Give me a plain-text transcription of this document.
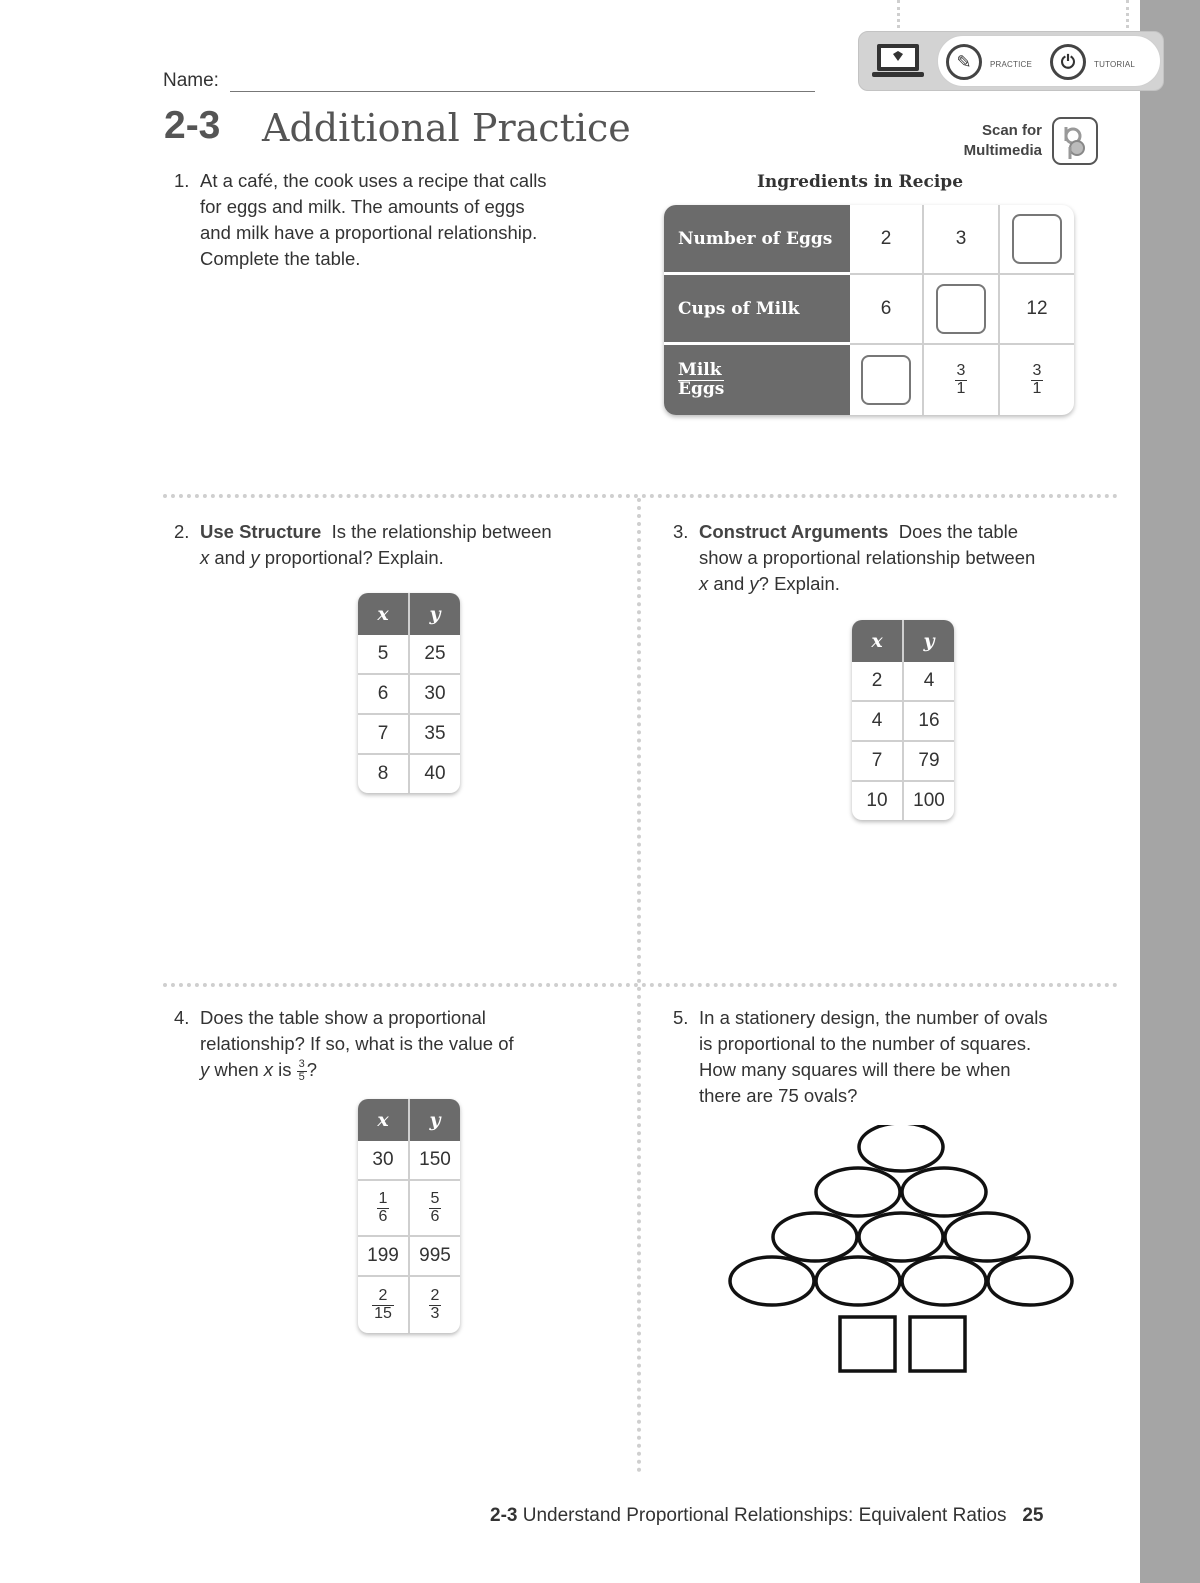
Name:
2-3 Additional Practice
✎	PRACTICE	⏻	TUTORIAL
Scan for
Multimedia
1. At a café, the cook uses a recipe that calls
for eggs and milk. The amounts of eggs
and milk have a proportional relationship.
Complete the table.
Ingredients in Recipe
Number of Eggs	2	3	
Cups of Milk	6		12

$\frac{\text{Milk}}{\text{Eggs}}$		$\frac{3}{1}$	$\frac{3}{1}$
2. Use Structure Is the relationship between
x and y proportional? Explain.
x	y
5	25
6	30
7	35
8	40
3. Construct Arguments Does the table
show a proportional relationship between
x and y? Explain.
x	y
2	4
4	16
7	79
10	100
4. Does the table show a proportional
relationship? If so, what is the value of
y when x is $\frac{3}{5}$ ?
x	y
30	150

$\frac{1}{6}$	$\frac{5}{6}$

199	995

$\frac{2}{15}$	$\frac{2}{3}$
5. In a stationery design, the number of ovals
is proportional to the number of squares.
How many squares will there be when
there are 75 ovals?
2-3 Understand Proportional Relationships: Equivalent Ratios 25
